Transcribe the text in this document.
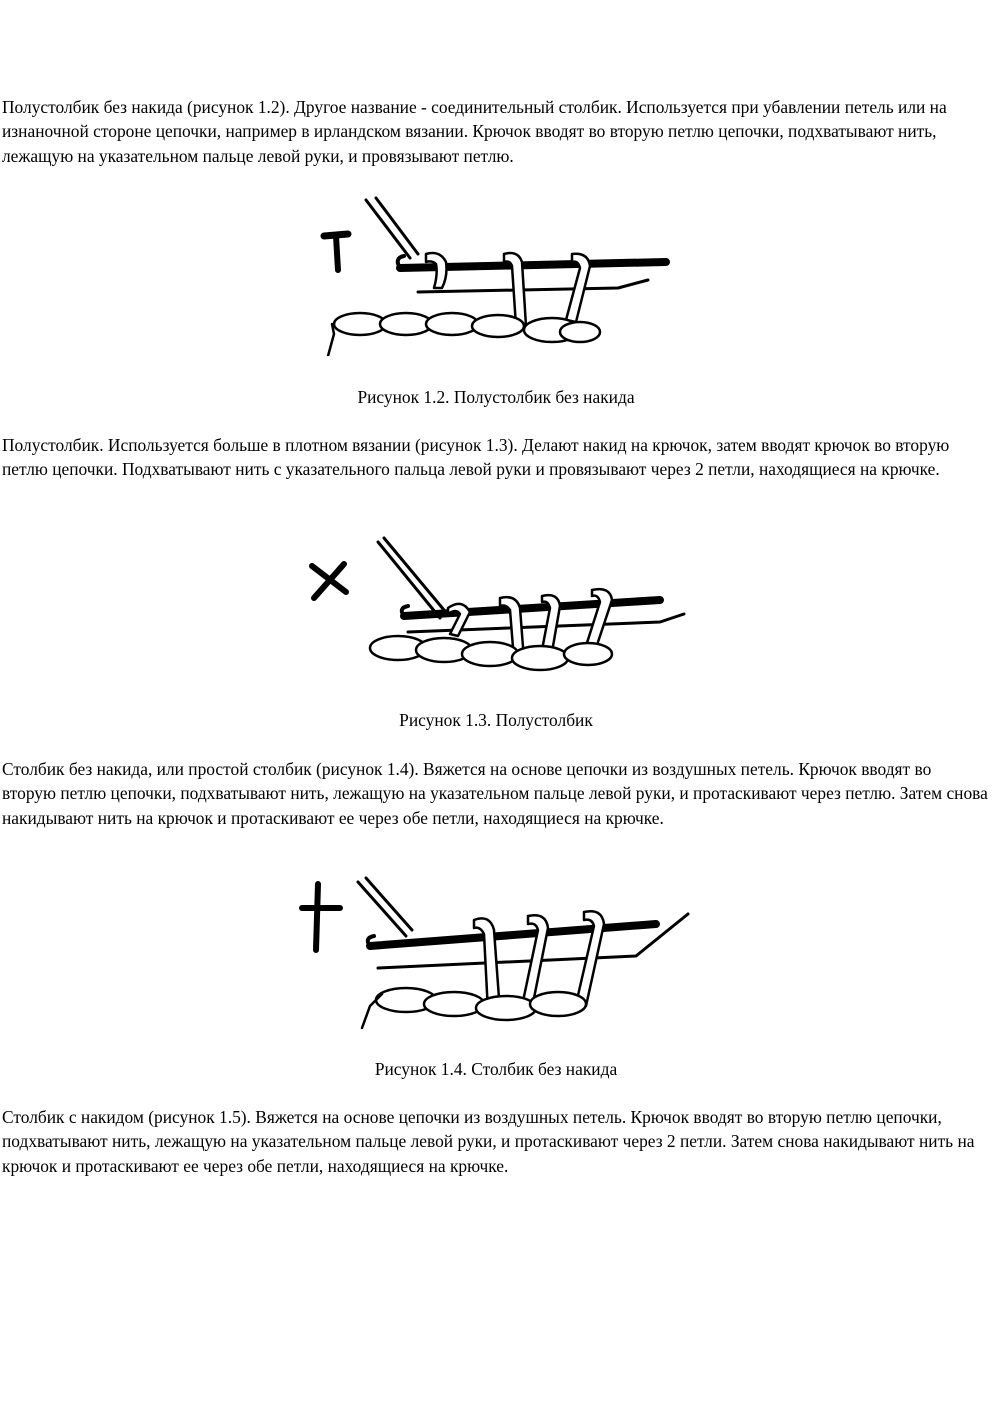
Полустолбик без накида (рисунок 1.2). Другое название - соединительный столбик. Используется при убавлении петель или на изнаночной стороне цепочки, например в ирландском вязании. Крючок вводят во вторую петлю цепочки, подхватывают нить, лежащую на указательном пальце левой руки, и провязывают петлю.

Рисунок 1.2. Полустолбик без накида

Полустолбик. Используется больше в плотном вязании (рисунок 1.3). Делают накид на крючок, затем вводят крючок во вторую петлю цепочки. Подхватывают нить с указательного пальца левой руки и провязывают через 2 петли, находящиеся на крючке.

Рисунок 1.3. Полустолбик

Столбик без накида, или простой столбик (рисунок 1.4). Вяжется на основе цепочки из воздушных петель. Крючок вводят во вторую петлю цепочки, подхватывают нить, лежащую на указательном пальце левой руки, и протаскивают через петлю. Затем снова накидывают нить на крючок и протаскивают ее через обе петли, находящиеся на крючке.

Рисунок 1.4. Столбик без накида

Столбик с накидом (рисунок 1.5). Вяжется на основе цепочки из воздушных петель. Крючок вводят во вторую петлю цепочки, подхватывают нить, лежащую на указательном пальце левой руки, и протаскивают через 2 петли. Затем снова накидывают нить на крючок и протаскивают ее через обе петли, находящиеся на крючке.
